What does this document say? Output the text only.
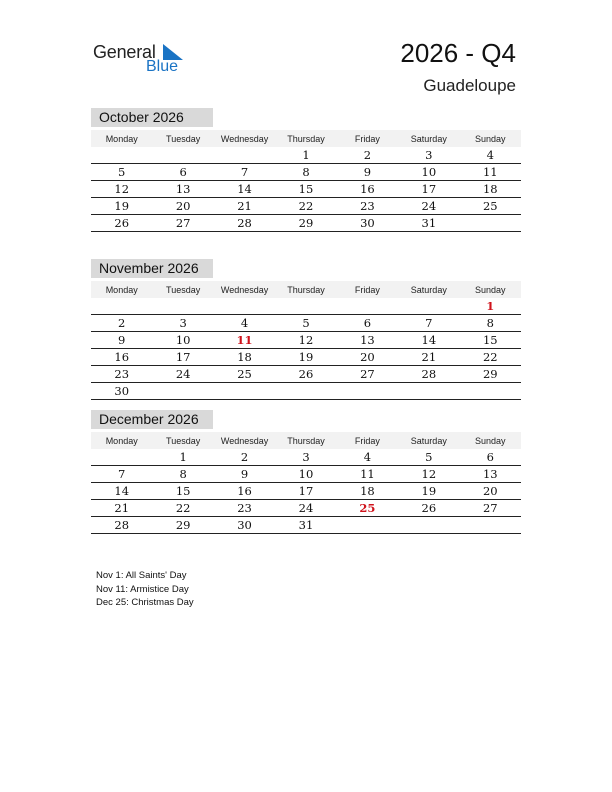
General
Blue	2026 - Q4
Guadeloupe
October 2026
Monday	Tuesday	Wednesday	Thursday	Friday	Saturday	Sunday
			1	2	3	4
5	6	7	8	9	10	11
12	13	14	15	16	17	18
19	20	21	22	23	24	25
26	27	28	29	30	31	
November 2026
Monday	Tuesday	Wednesday	Thursday	Friday	Saturday	Sunday
						1
2	3	4	5	6	7	8
9	10	11	12	13	14	15
16	17	18	19	20	21	22
23	24	25	26	27	28	29
30						
December 2026
Monday	Tuesday	Wednesday	Thursday	Friday	Saturday	Sunday
	1	2	3	4	5	6
7	8	9	10	11	12	13
14	15	16	17	18	19	20
21	22	23	24	25	26	27
28	29	30	31			
Nov 1: All Saints' Day
Nov 11: Armistice Day
Dec 25: Christmas Day
